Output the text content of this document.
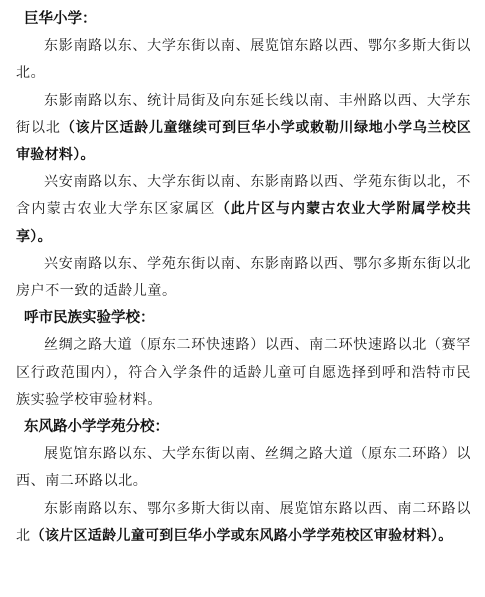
巨华小学：

东影南路以东、大学东街以南、展览馆东路以西、鄂尔多斯大街以北。

东影南路以东、统计局街及向东延长线以南、丰州路以西、大学东街以北（该片区适龄儿童继续可到巨华小学或敕勒川绿地小学乌兰校区审验材料）。

兴安南路以东、大学东街以南、东影南路以西、学苑东街以北，不含内蒙古农业大学东区家属区（此片区与内蒙古农业大学附属学校共享）。

兴安南路以东、学苑东街以南、东影南路以西、鄂尔多斯东街以北房户不一致的适龄儿童。

呼市民族实验学校：

丝绸之路大道（原东二环快速路）以西、南二环快速路以北（赛罕区行政范围内），符合入学条件的适龄儿童可自愿选择到呼和浩特市民族实验学校审验材料。

东风路小学学苑分校：

展览馆东路以东、大学东街以南、丝绸之路大道（原东二环路）以西、南二环路以北。

东影南路以东、鄂尔多斯大街以南、展览馆东路以西、南二环路以北（该片区适龄儿童可到巨华小学或东风路小学学苑校区审验材料）。
